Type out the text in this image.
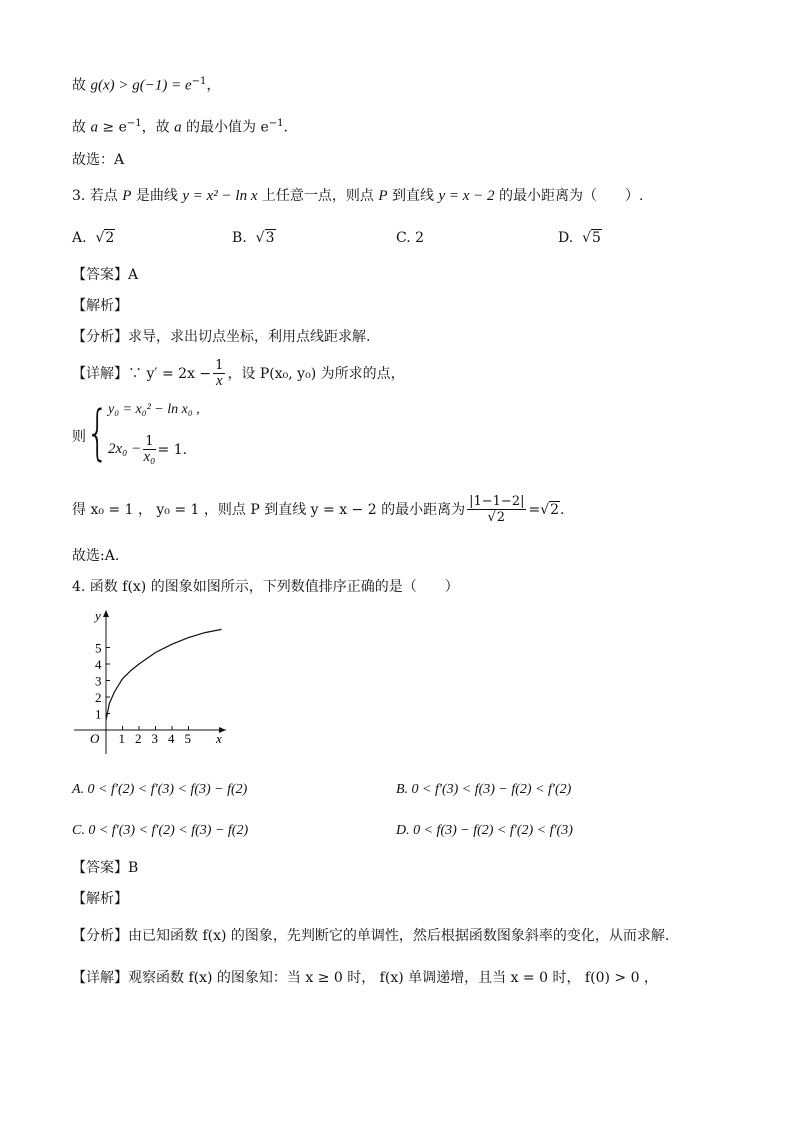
故 $g(x) > g(-1) = e^{-1}$，
故 $a \ge e^{-1}$，故 a 的最小值为 $e^{-1}$.
故选：A
3. 若点 P 是曲线 y = x² − ln x 上任意一点，则点 P 到直线 y = x − 2 的最小距离为（　　）.
A. √2	B. √3	C. 2	D. √5
【答案】A
【解析】
【分析】求导，求出切点坐标，利用点线距求解.
【详解】∵ $y' = 2x - \frac{1}{x}$ ，设 P(x₀, y₀) 为所求的点，
则 { y₀ = x₀² − ln x₀ ,
$2x_0 - \frac{1}{\text{x₀}} = 1$.
得 x₀ = 1 ， y₀ = 1 ，则点 P 到直线 y = x − 2 的最小距离为 $\frac{|1-1-2|}{√2} = √2$ .
故选:A.
4. 函数 f(x) 的图象如图所示，下列数值排序正确的是（　　）
1 2 3 4 5
1
2
3
4
5
O	x
y
A. 0 < f′(2) < f′(3) < f(3) − f(2)	B. 0 < f′(3) < f(3) − f(2) < f′(2)
C. 0 < f′(3) < f′(2) < f(3) − f(2)	D. 0 < f(3) − f(2) < f′(2) < f′(3)
【答案】B
【解析】
【分析】由已知函数 f(x) 的图象，先判断它的单调性，然后根据函数图象斜率的变化，从而求解.
【详解】观察函数 f(x) 的图象知：当 x ≥ 0 时， f(x) 单调递增，且当 x = 0 时， f(0) > 0 ，
